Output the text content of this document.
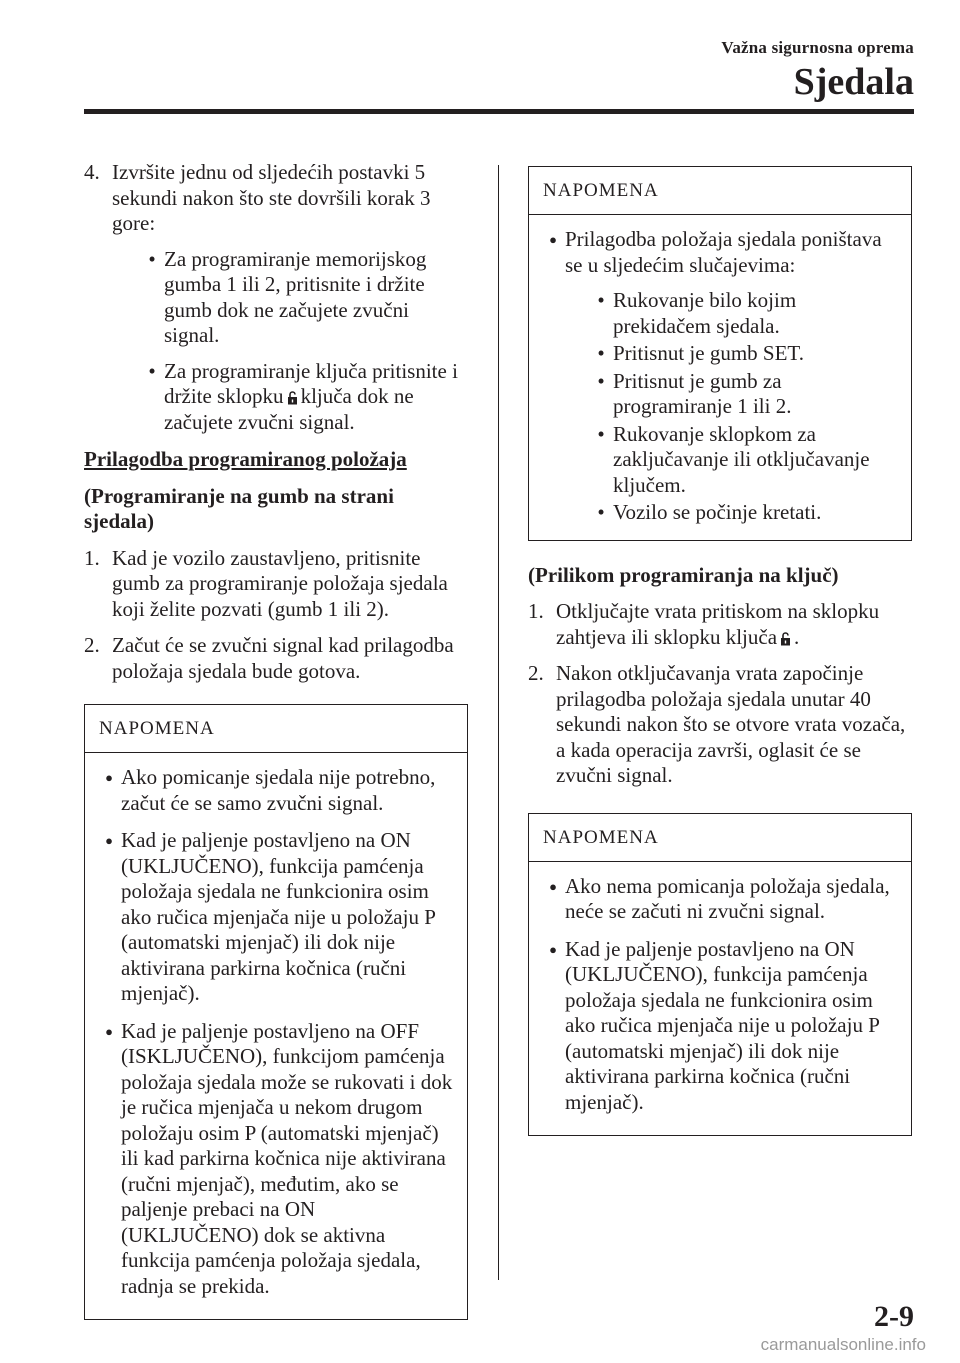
Važna sigurnosna oprema
Sjedala
4. Izvršite jednu od sljedećih postavki 5 sekundi nakon što ste dovršili korak 3 gore:
• Za programiranje memorijskog gumba 1 ili 2, pritisnite i držite gumb dok ne začujete zvučni signal.
• Za programiranje ključa pritisnite i držite sklopku ključa dok ne začujete zvučni signal.

Prilagodba programiranog položaja

(Programiranje na gumb na strani sjedala)

1. Kad je vozilo zaustavljeno, pritisnite gumb za programiranje položaja sjedala koji želite pozvati (gumb 1 ili 2).
2. Začut će se zvučni signal kad prilagodba položaja sjedala bude gotova.
NAPOMENA
● Ako pomicanje sjedala nije potrebno, začut će se samo zvučni signal.
● Kad je paljenje postavljeno na ON (UKLJUČENO), funkcija pamćenja položaja sjedala ne funkcionira osim ako ručica mjenjača nije u položaju P (automatski mjenjač) ili dok nije aktivirana parkirna kočnica (ručni mjenjač).
● Kad je paljenje postavljeno na OFF (ISKLJUČENO), funkcijom pamćenja položaja sjedala može se rukovati i dok je ručica mjenjača u nekom drugom položaju osim P (automatski mjenjač) ili kad parkirna kočnica nije aktivirana (ručni mjenjač), međutim, ako se paljenje prebaci na ON (UKLJUČENO) dok se aktivna funkcija pamćenja položaja sjedala, radnja se prekida.
NAPOMENA
● Prilagodba položaja sjedala poništava se u sljedećim slučajevima:
• Rukovanje bilo kojim prekidačem sjedala.
• Pritisnut je gumb SET.
• Pritisnut je gumb za programiranje 1 ili 2.
• Rukovanje sklopkom za zaključavanje ili otključavanje ključem.
• Vozilo se počinje kretati.

(Prilikom programiranja na ključ)

1. Otključajte vrata pritiskom na sklopku zahtjeva ili sklopku ključa .
2. Nakon otključavanja vrata započinje prilagodba položaja sjedala unutar 40 sekundi nakon što se otvore vrata vozača, a kada operacija završi, oglasit će se zvučni signal.
NAPOMENA
● Ako nema pomicanja položaja sjedala, neće se začuti ni zvučni signal.
● Kad je paljenje postavljeno na ON (UKLJUČENO), funkcija pamćenja položaja sjedala ne funkcionira osim ako ručica mjenjača nije u položaju P (automatski mjenjač) ili dok nije aktivirana parkirna kočnica (ručni mjenjač).
2-9
carmanualsonline.info
